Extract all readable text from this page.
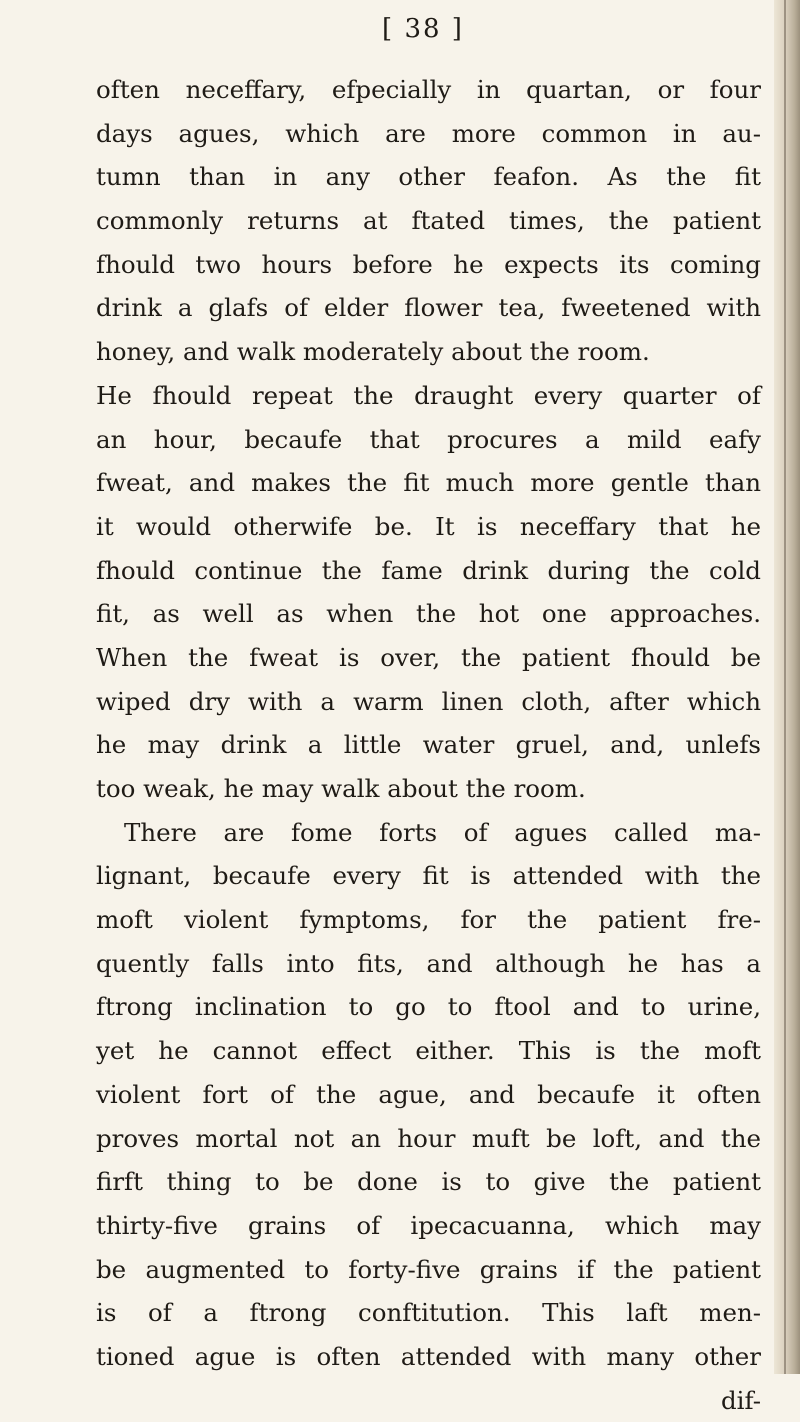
[ 38 ]
often neceffary, efpecially in quartan, or four
days agues, which are more common in au-
tumn than in any other feafon. As the fit
commonly returns at ftated times, the patient
fhould two hours before he expects its coming
drink a glafs of elder flower tea, fweetened with
honey, and walk moderately about the room.
He fhould repeat the draught every quarter of
an hour, becaufe that procures a mild eafy
fweat, and makes the fit much more gentle than
it would otherwife be. It is neceffary that he
fhould continue the fame drink during the cold
fit, as well as when the hot one approaches.
When the fweat is over, the patient fhould be
wiped dry with a warm linen cloth, after which
he may drink a little water gruel, and, unlefs
too weak, he may walk about the room.
There are fome forts of agues called ma-
lignant, becaufe every fit is attended with the
moft violent fymptoms, for the patient fre-
quently falls into fits, and although he has a
ftrong inclination to go to ftool and to urine,
yet he cannot effect either. This is the moft
violent fort of the ague, and becaufe it often
proves mortal not an hour muft be loft, and the
firft thing to be done is to give the patient
thirty-five grains of ipecacuanna, which may
be augmented to forty-five grains if the patient
is of a ftrong conftitution. This laft men-
tioned ague is often attended with many other
dif-
